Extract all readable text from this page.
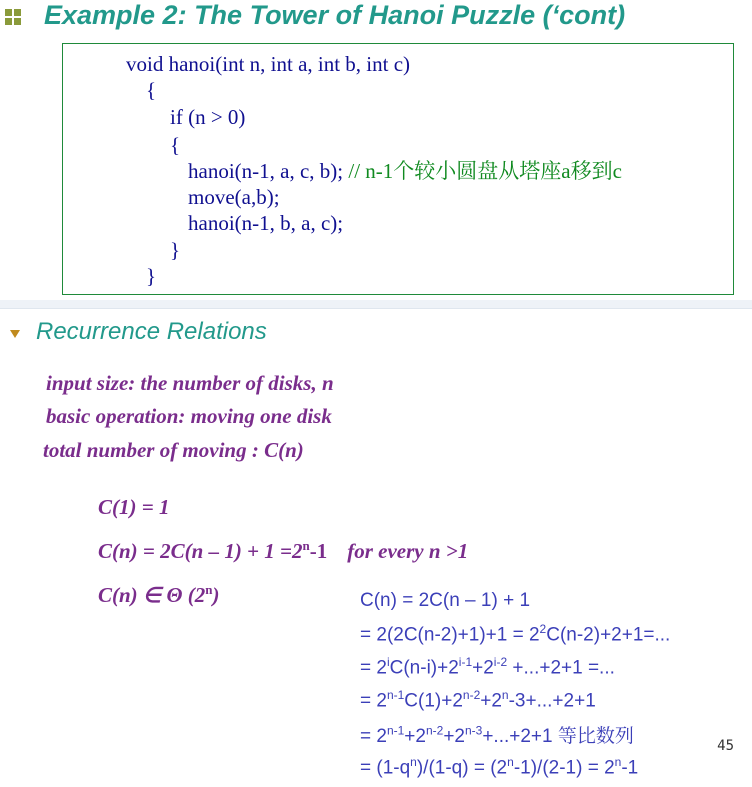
Example 2: The Tower of Hanoi Puzzle (‘cont)
void hanoi(int n, int a, int b, int c)
{
if (n > 0)
{
hanoi(n-1, a, c, b); // n-1个较小圆盘从塔座a移到c
move(a,b);
hanoi(n-1, b, a, c);
}
}
Recurrence Relations
input size: the number of disks, n
basic operation: moving one disk
total number of moving : C(n)
C(1) = 1
$C(n) = 2C(n - 1) + 1 =2^n-1$ for every n >1
C(n) ∈ Θ (2$^n$)	C(n) = 2C(n – 1) + 1
= $2(2C(n-2)+1)+1 = 2^2C(n-2)+2+1=$...
= $2^iC(n-i)+2^{i-1}+2^{i-2} +...+2+1$ =...
= $2^{n-1}C(1)+2^{n-2}+2^n-3+...+2+1$
= $2^{n-1}+2^{n-2}+2^{n-3}+...+2+1$ 等比数列
= $(1-q^n)/(1-q) = (2^n-1)/(2-1) = 2^n-1$
45
